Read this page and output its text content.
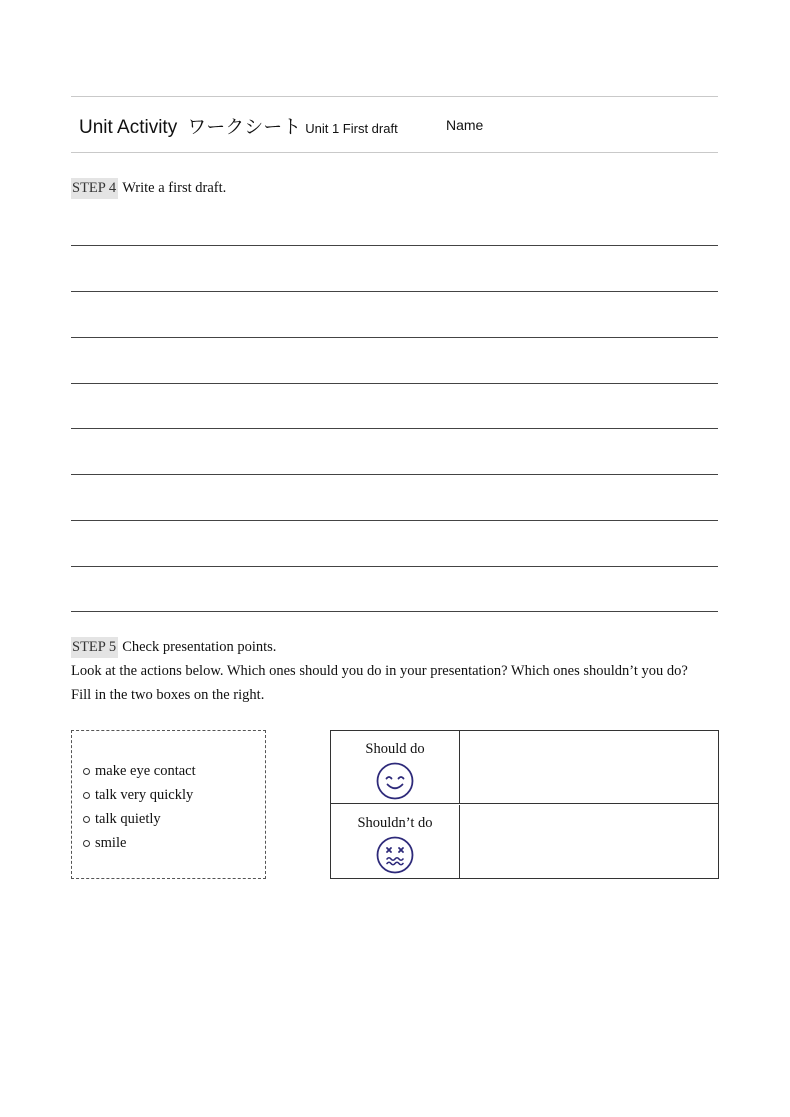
Unit Activity ワークシート Unit 1 First draft	Name
STEP 4 Write a first draft.
STEP 5 Check presentation points.
Look at the actions below. Which ones should you do in your presentation? Which ones shouldn’t you do?
Fill in the two boxes on the right.
make eye contact
talk very quickly
talk quietly
smile
Should do
Shouldn’t do
